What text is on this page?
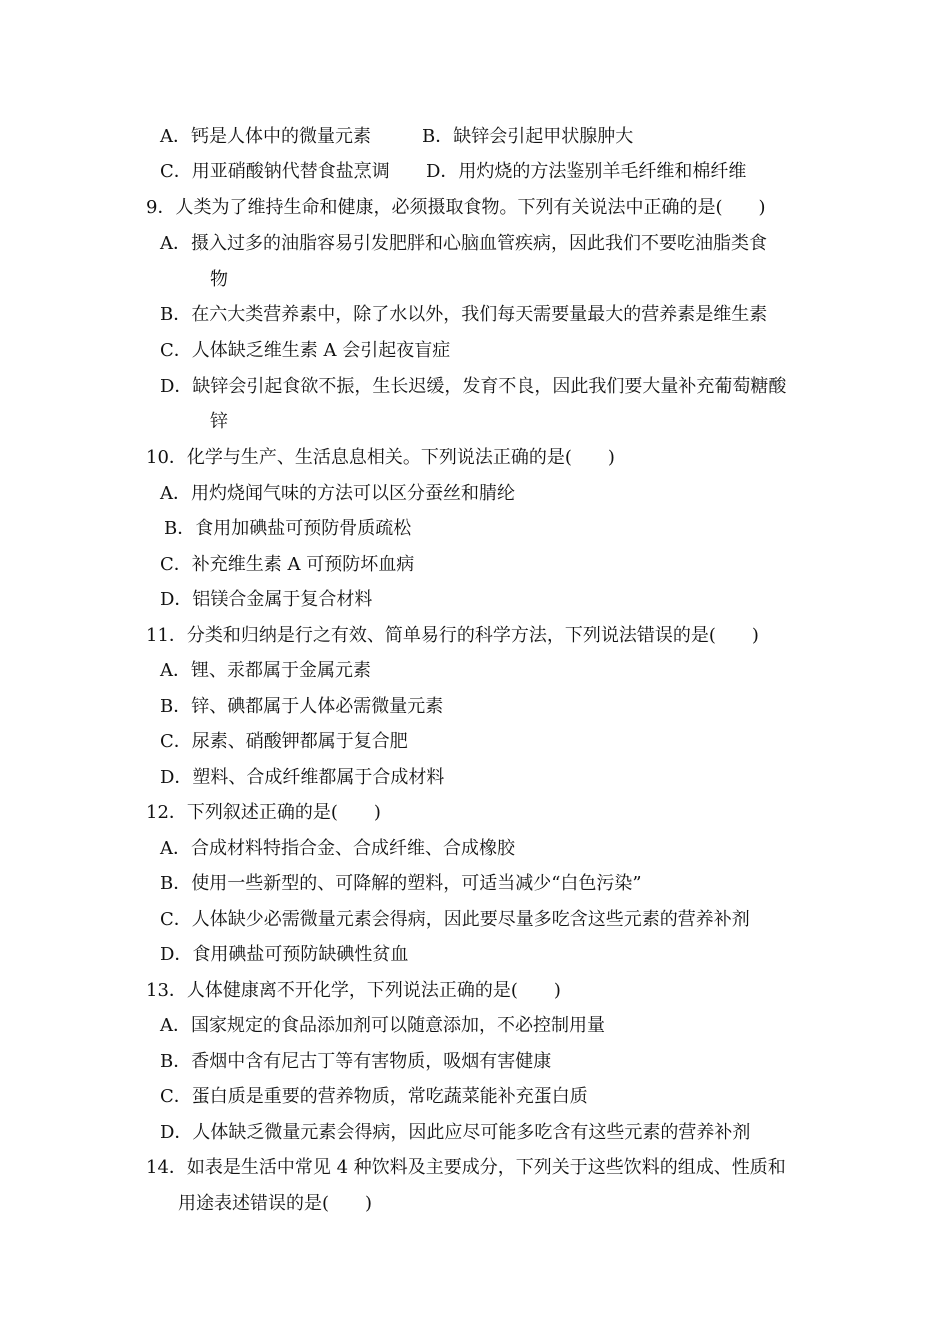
A．钙是人体中的微量元素	B．缺锌会引起甲状腺肿大
C．用亚硝酸钠代替食盐烹调 D．用灼烧的方法鉴别羊毛纤维和棉纤维
9．人类为了维持生命和健康，必须摄取食物。下列有关说法中正确的是(　　)
A．摄入过多的油脂容易引发肥胖和心脑血管疾病，因此我们不要吃油脂类食
物
B．在六大类营养素中，除了水以外，我们每天需要量最大的营养素是维生素
C．人体缺乏维生素 A 会引起夜盲症
D．缺锌会引起食欲不振，生长迟缓，发育不良，因此我们要大量补充葡萄糖酸
锌
10．化学与生产、生活息息相关。下列说法正确的是(　　)
A．用灼烧闻气味的方法可以区分蚕丝和腈纶
B．食用加碘盐可预防骨质疏松
C．补充维生素 A 可预防坏血病
D．铝镁合金属于复合材料
11．分类和归纳是行之有效、简单易行的科学方法，下列说法错误的是(　　)
A．锂、汞都属于金属元素
B．锌、碘都属于人体必需微量元素
C．尿素、硝酸钾都属于复合肥
D．塑料、合成纤维都属于合成材料
12．下列叙述正确的是(　　)
A．合成材料特指合金、合成纤维、合成橡胶
B．使用一些新型的、可降解的塑料，可适当减少“白色污染”
C．人体缺少必需微量元素会得病，因此要尽量多吃含这些元素的营养补剂
D．食用碘盐可预防缺碘性贫血
13．人体健康离不开化学，下列说法正确的是(　　)
A．国家规定的食品添加剂可以随意添加，不必控制用量
B．香烟中含有尼古丁等有害物质，吸烟有害健康
C．蛋白质是重要的营养物质，常吃蔬菜能补充蛋白质
D．人体缺乏微量元素会得病，因此应尽可能多吃含有这些元素的营养补剂
14．如表是生活中常见 4 种饮料及主要成分，下列关于这些饮料的组成、性质和
用途表述错误的是(　　)
